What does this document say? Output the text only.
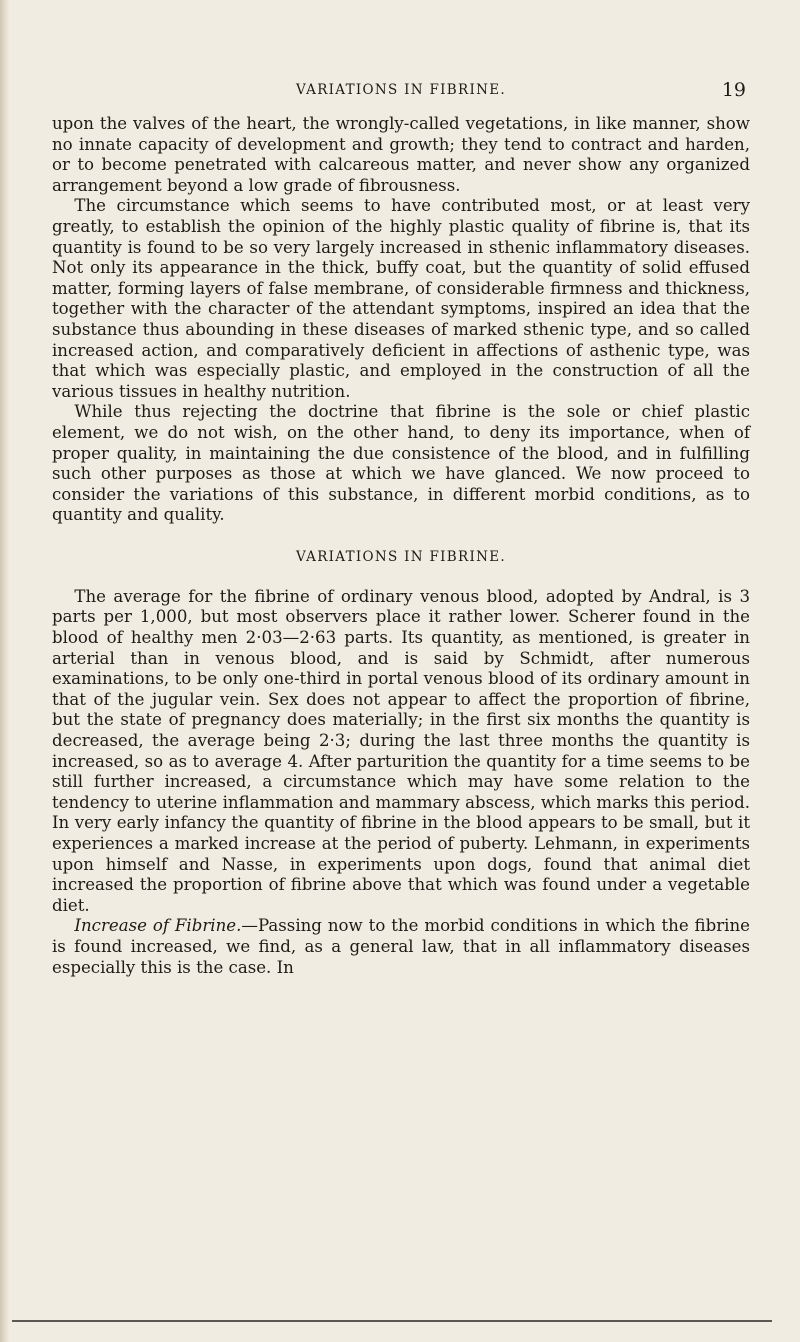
VARIATIONS IN FIBRINE.	19

upon the valves of the heart, the wrongly-called vegetations, in like manner, show no innate capacity of development and growth; they tend to contract and harden, or to become penetrated with calcareous matter, and never show any organized arrangement beyond a low grade of fibrousness.

The circumstance which seems to have contributed most, or at least very greatly, to establish the opinion of the highly plastic quality of fibrine is, that its quantity is found to be so very largely increased in sthenic inflammatory diseases. Not only its appearance in the thick, buffy coat, but the quantity of solid effused matter, forming layers of false membrane, of considerable firmness and thickness, together with the character of the attendant symptoms, inspired an idea that the substance thus abounding in these diseases of marked sthenic type, and so called increased action, and comparatively deficient in affections of asthenic type, was that which was especially plastic, and employed in the construction of all the various tissues in healthy nutrition.

While thus rejecting the doctrine that fibrine is the sole or chief plastic element, we do not wish, on the other hand, to deny its importance, when of proper quality, in maintaining the due consistence of the blood, and in fulfilling such other purposes as those at which we have glanced. We now proceed to consider the variations of this substance, in different morbid conditions, as to quantity and quality.

VARIATIONS IN FIBRINE.

The average for the fibrine of ordinary venous blood, adopted by Andral, is 3 parts per 1,000, but most observers place it rather lower. Scherer found in the blood of healthy men 2·03—2·63 parts. Its quantity, as mentioned, is greater in arterial than in venous blood, and is said by Schmidt, after numerous examinations, to be only one-third in portal venous blood of its ordinary amount in that of the jugular vein. Sex does not appear to affect the proportion of fibrine, but the state of pregnancy does materially; in the first six months the quantity is decreased, the average being 2·3; during the last three months the quantity is increased, so as to average 4. After parturition the quantity for a time seems to be still further increased, a circumstance which may have some relation to the tendency to uterine inflammation and mammary abscess, which marks this period. In very early infancy the quantity of fibrine in the blood appears to be small, but it experiences a marked increase at the period of puberty. Lehmann, in experiments upon himself and Nasse, in experiments upon dogs, found that animal diet increased the proportion of fibrine above that which was found under a vegetable diet.

Increase of Fibrine.—Passing now to the morbid conditions in which the fibrine is found increased, we find, as a general law, that in all inflammatory diseases especially this is the case. In
